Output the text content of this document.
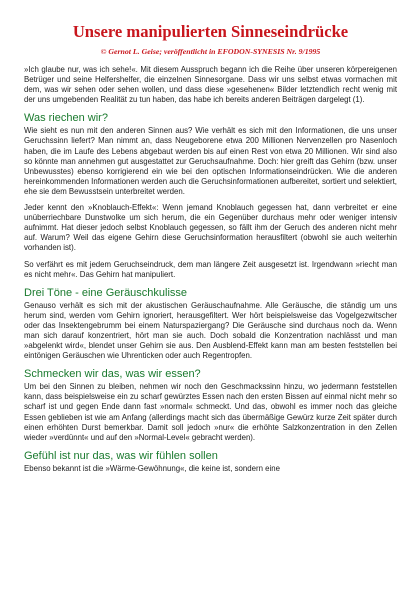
Unsere manipulierten Sinneseindrücke
© Gernot L. Geise; veröffentlicht in EFODON-SYNESIS Nr. 9/1995

»Ich glaube nur, was ich sehe!«. Mit diesem Ausspruch begann ich die Reihe über unseren körpereigenen Betrüger und seine Helfershelfer, die einzelnen Sinnesorgane. Dass wir uns selbst etwas vormachen mit dem, was wir sehen oder sehen wollen, und dass diese »gesehenen« Bilder letztendlich recht wenig mit der uns umgebenden Realität zu tun haben, das habe ich bereits anderen Beiträgen dargelegt (1).

Was riechen wir?

Wie sieht es nun mit den anderen Sinnen aus? Wie verhält es sich mit den Informationen, die uns unser Geruchssinn liefert? Man nimmt an, dass Neugeborene etwa 200 Millionen Nervenzellen pro Nasenloch haben, die im Laufe des Lebens abgebaut werden bis auf einen Rest von etwa 20 Millionen. Wir sind also so könnte man annehmen gut ausgestattet zur Geruchsaufnahme. Doch: hier greift das Gehirn (bzw. unser Unbewusstes) ebenso korrigierend ein wie bei den optischen Informationseindrücken. Wie die anderen hereinkommenden Informationen werden auch die Geruchsinformationen aufbereitet, sortiert und selektiert, ehe sie dem Bewusstsein unterbreitet werden.

Jeder kennt den »Knoblauch-Effekt«: Wenn jemand Knoblauch gegessen hat, dann verbreitet er eine unüberriechbare Dunstwolke um sich herum, die ein Gegenüber durchaus mehr oder weniger intensiv aufnimmt. Hat dieser jedoch selbst Knoblauch gegessen, so fällt ihm der Geruch des anderen nicht mehr auf. Warum? Weil das eigene Gehirn diese Geruchsinformation herausfiltert (obwohl sie auch weiterhin vorhanden ist).

So verfährt es mit jedem Geruchseindruck, dem man längere Zeit ausgesetzt ist. Irgendwann »riecht man es nicht mehr«. Das Gehirn hat manipuliert.

Drei Töne - eine Geräuschkulisse

Genauso verhält es sich mit der akustischen Geräuschaufnahme. Alle Geräusche, die ständig um uns herum sind, werden vom Gehirn ignoriert, herausgefiltert. Wer hört beispielsweise das Vogelgezwitscher oder das Insektengebrumm bei einem Naturspaziergang? Die Geräusche sind durchaus noch da. Wenn man sich darauf konzentriert, hört man sie auch. Doch sobald die Konzentration nachlässt und man »abgelenkt wird«, blendet unser Gehirn sie aus. Den Ausblend-Effekt kann man am besten feststellen bei eintönigen Geräuschen wie Uhrenticken oder auch Regentropfen.

Schmecken wir das, was wir essen?

Um bei den Sinnen zu bleiben, nehmen wir noch den Geschmackssinn hinzu, wo jedermann feststellen kann, dass beispielsweise ein zu scharf gewürztes Essen nach den ersten Bissen auf einmal nicht mehr so scharf ist und gegen Ende dann fast »normal« schmeckt. Und das, obwohl es immer noch das gleiche Essen geblieben ist wie am Anfang (allerdings macht sich das übermäßige Gewürz kurze Zeit später durch einen erhöhten Durst bemerkbar. Damit soll jedoch »nur« die erhöhte Salzkonzentration in den Zellen wieder »verdünnt« und auf den »Normal-Level« gebracht werden).

Gefühl ist nur das, was wir fühlen sollen

Ebenso bekannt ist die »Wärme-Gewöhnung«, die keine ist, sondern eine
